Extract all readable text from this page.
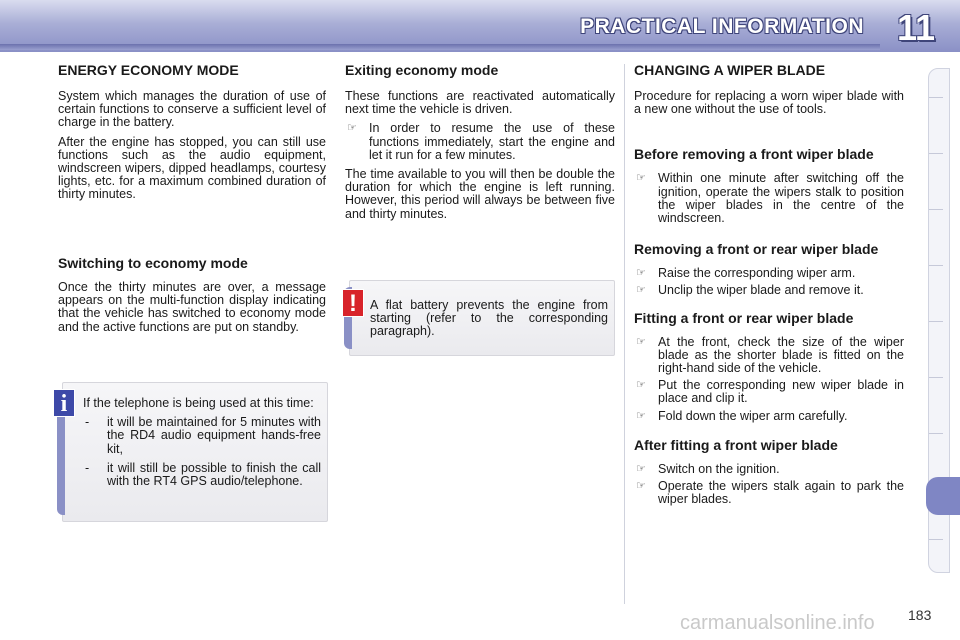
PRACTICAL INFORMATION 11
ENERGY ECONOMY MODE
System which manages the duration of use of certain functions to conserve a sufficient level of charge in the battery.
After the engine has stopped, you can still use functions such as the audio equipment, windscreen wipers, dipped headlamps, courtesy lights, etc. for a maximum combined duration of thirty minutes.
Switching to economy mode
Once the thirty minutes are over, a message appears on the multi-function display indicating that the vehicle has switched to economy mode and the active functions are put on standby.
i	If the telephone is being used at this time:
- it will be maintained for 5 minutes with the RD4 audio equipment hands-free kit,
- it will still be possible to finish the call with the RT4 GPS audio/telephone.
Exiting economy mode
These functions are reactivated automatically next time the vehicle is driven.
☞ In order to resume the use of these functions immediately, start the engine and let it run for a few minutes.
The time available to you will then be double the duration for which the engine is left running. However, this period will always be between five and thirty minutes.
!	A flat battery prevents the engine from starting (refer to the corresponding paragraph).
CHANGING A WIPER BLADE
Procedure for replacing a worn wiper blade with a new one without the use of tools.
Before removing a front wiper blade
☞ Within one minute after switching off the ignition, operate the wipers stalk to position the wiper blades in the centre of the windscreen.
Removing a front or rear wiper blade
☞ Raise the corresponding wiper arm.
☞ Unclip the wiper blade and remove it.
Fitting a front or rear wiper blade
☞ At the front, check the size of the wiper blade as the shorter blade is fitted on the right-hand side of the vehicle.
☞ Put the corresponding new wiper blade in place and clip it.
☞ Fold down the wiper arm carefully.
After fitting a front wiper blade
☞ Switch on the ignition.
☞ Operate the wipers stalk again to park the wiper blades.
carmanualsonline.info 183
